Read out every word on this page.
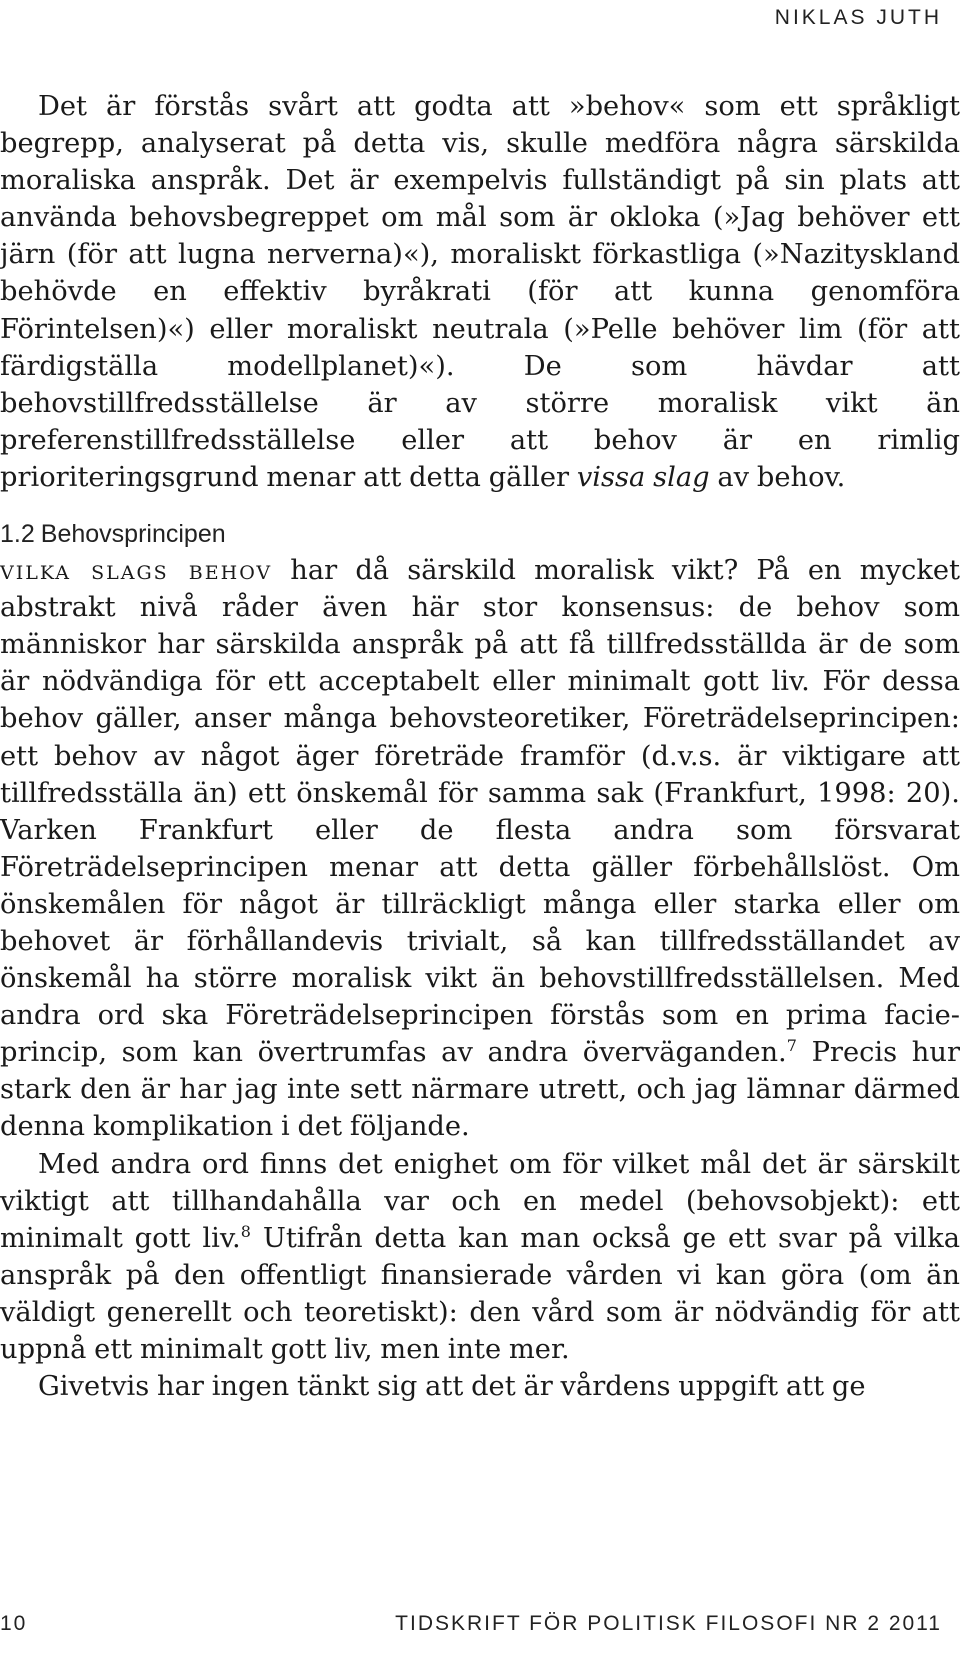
NIKLAS JUTH

Det är förstås svårt att godta att »behov« som ett språkligt begrepp, analyserat på detta vis, skulle medföra några särskilda moraliska anspråk. Det är exempelvis fullständigt på sin plats att använda behovsbegreppet om mål som är okloka (»Jag behöver ett järn (för att lugna nerverna)«), moraliskt förkastliga (»Nazityskland behövde en effektiv byråkrati (för att kunna genomföra Förintelsen)«) eller moraliskt neutrala (»Pelle behöver lim (för att färdigställa modellplanet)«). De som hävdar att behovstillfredsställelse är av större moralisk vikt än preferenstillfredsställelse eller att behov är en rimlig prioriteringsgrund menar att detta gäller vissa slag av behov.

1.2 Behovsprincipen

vilka slags behov har då särskild moralisk vikt? På en mycket abstrakt nivå råder även här stor konsensus: de behov som människor har särskilda anspråk på att få tillfredsställda är de som är nödvändiga för ett acceptabelt eller minimalt gott liv. För dessa behov gäller, anser många behovsteoretiker, Företrädelseprincipen: ett behov av något äger företräde framför (d.v.s. är viktigare att tillfredsställa än) ett önskemål för samma sak (Frankfurt, 1998: 20). Varken Frankfurt eller de flesta andra som försvarat Företrädelseprincipen menar att detta gäller förbehållslöst. Om önskemålen för något är tillräckligt många eller starka eller om behovet är förhållandevis trivialt, så kan tillfredsställandet av önskemål ha större moralisk vikt än behovstillfredsställelsen. Med andra ord ska Företrädelseprincipen förstås som en prima facie-princip, som kan övertrumfas av andra överväganden.$^7$ Precis hur stark den är har jag inte sett närmare utrett, och jag lämnar därmed denna komplikation i det följande.

Med andra ord finns det enighet om för vilket mål det är särskilt viktigt att tillhandahålla var och en medel (behovsobjekt): ett minimalt gott liv.$^8$ Utifrån detta kan man också ge ett svar på vilka anspråk på den offentligt finansierade vården vi kan göra (om än väldigt generellt och teoretiskt): den vård som är nödvändig för att uppnå ett minimalt gott liv, men inte mer.

Givetvis har ingen tänkt sig att det är vårdens uppgift att ge

10	TIDSKRIFT FÖR POLITISK FILOSOFI NR 2 2011
